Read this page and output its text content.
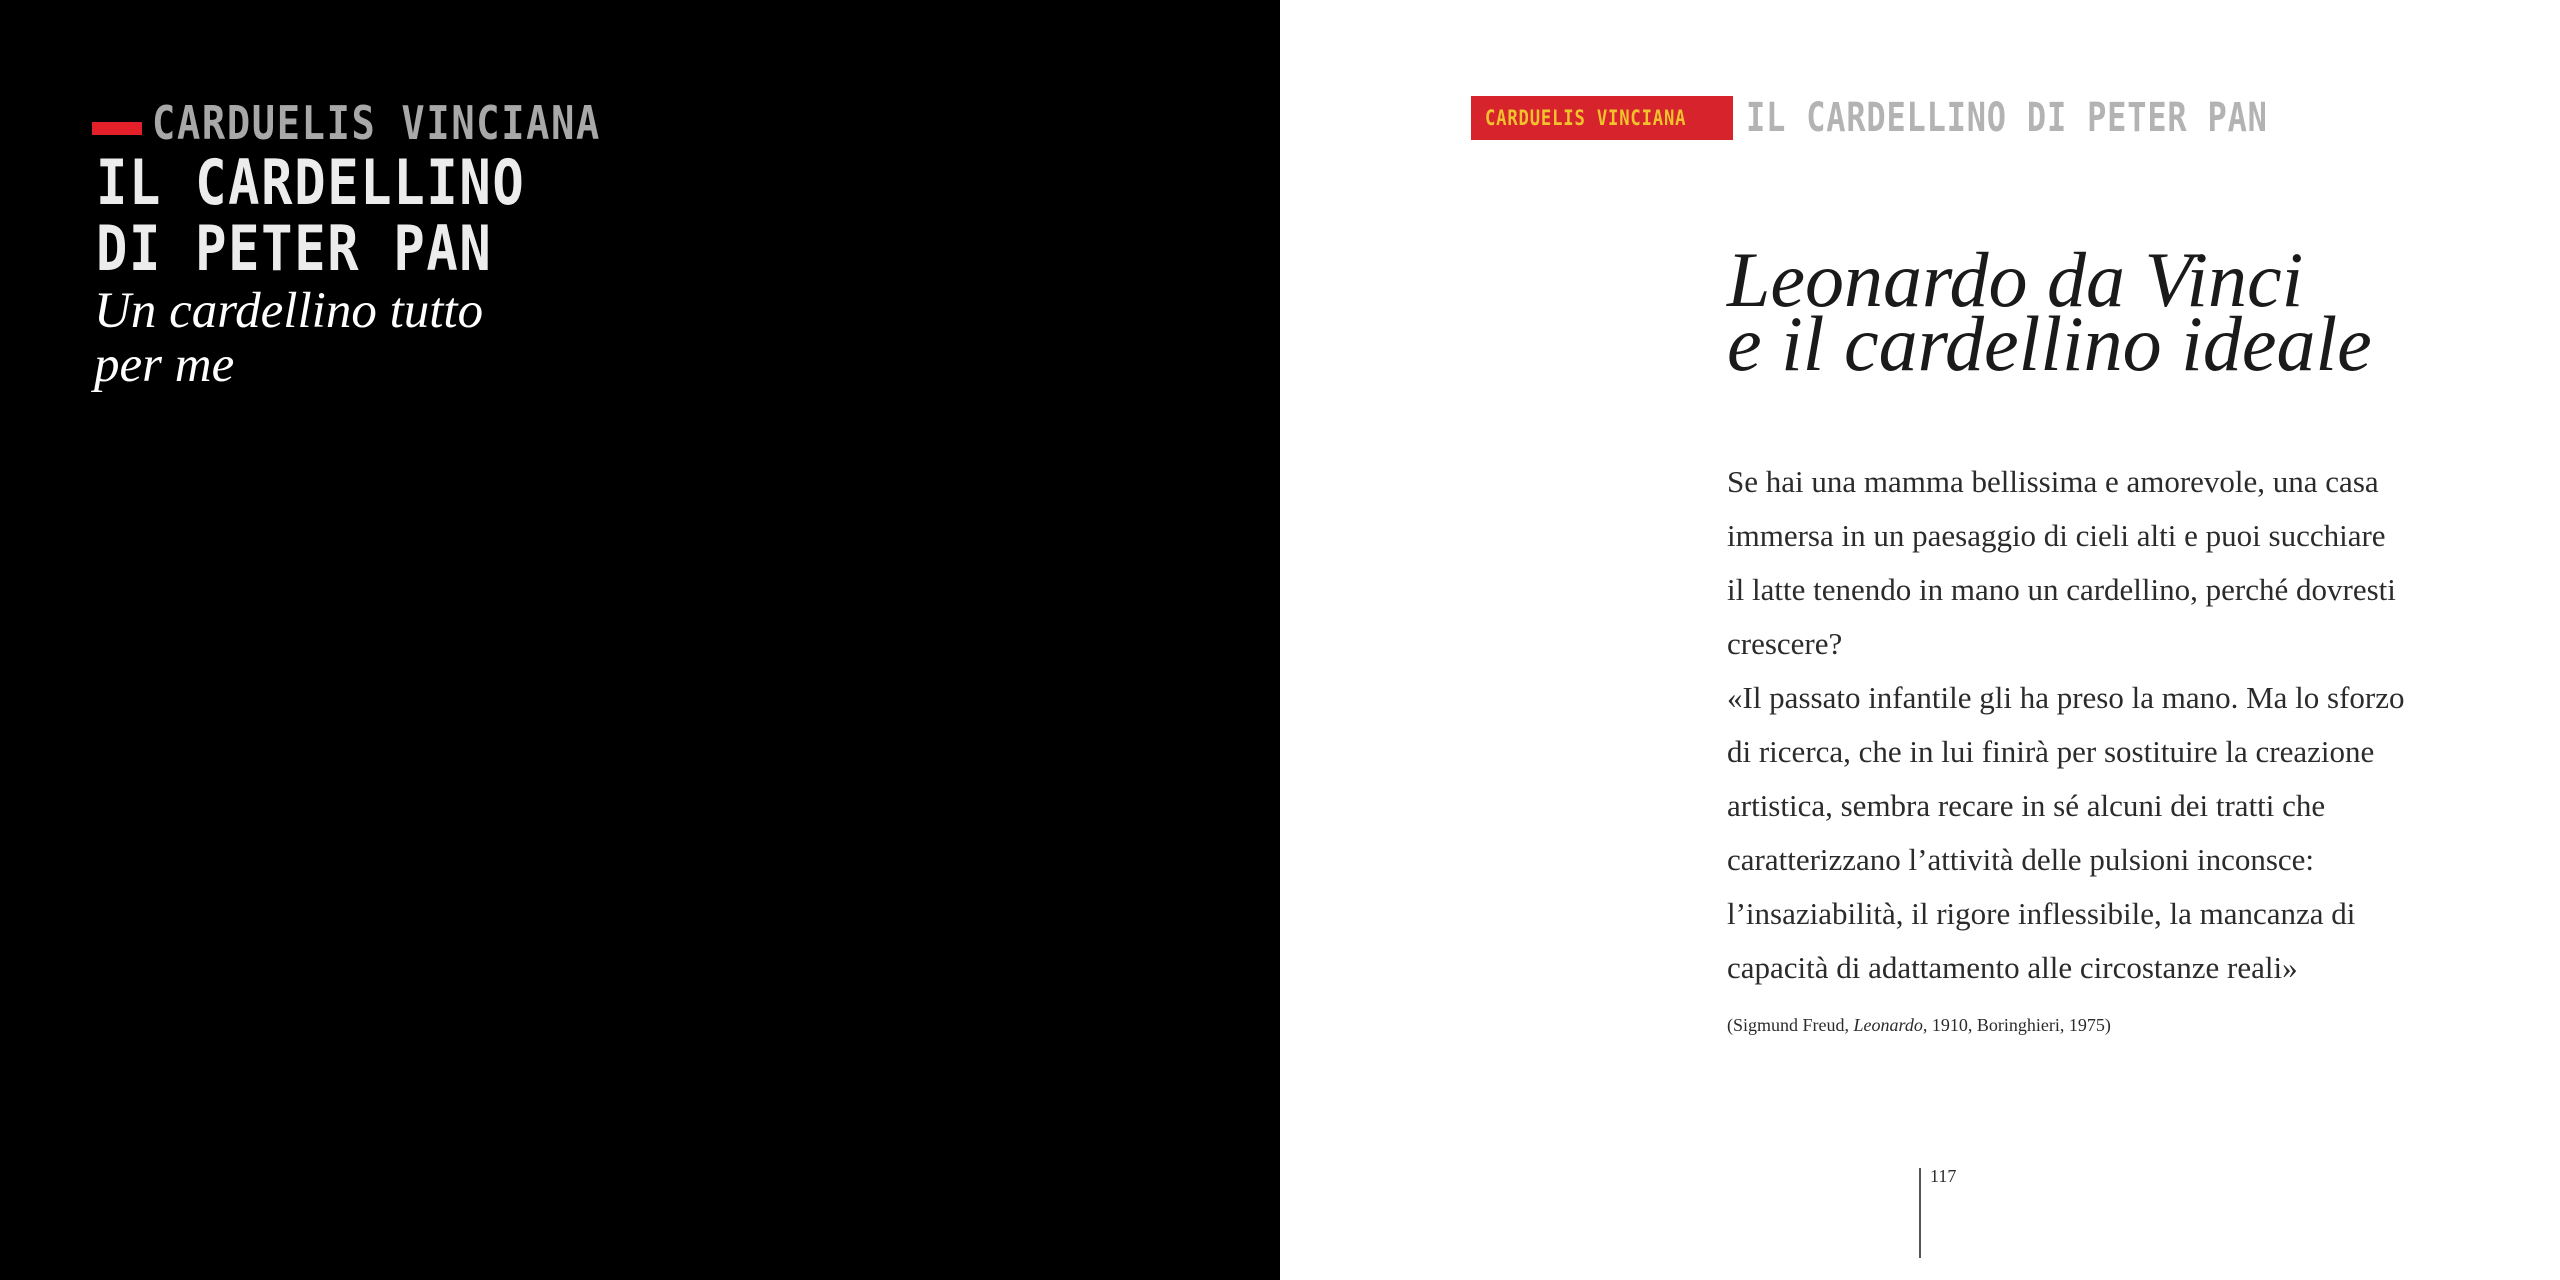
CARDUELIS VINCIANA
IL CARDELLINO
DI PETER PAN
Un cardellino tutto
per me
CARDUELIS VINCIANA IL CARDELLINO DI PETER PAN
Leonardo da Vinci
e il cardellino ideale

Se hai una mamma bellissima e amorevole, una casa

immersa in un paesaggio di cieli alti e puoi succhiare

il latte tenendo in mano un cardellino, perché dovresti

crescere?

«Il passato infantile gli ha preso la mano. Ma lo sforzo

di ricerca, che in lui finirà per sostituire la creazione

artistica, sembra recare in sé alcuni dei tratti che

caratterizzano l’attività delle pulsioni inconsce:

l’insaziabilità, il rigore inflessibile, la mancanza di

capacità di adattamento alle circostanze reali»

(Sigmund Freud, Leonardo, 1910, Boringhieri, 1975)
117
